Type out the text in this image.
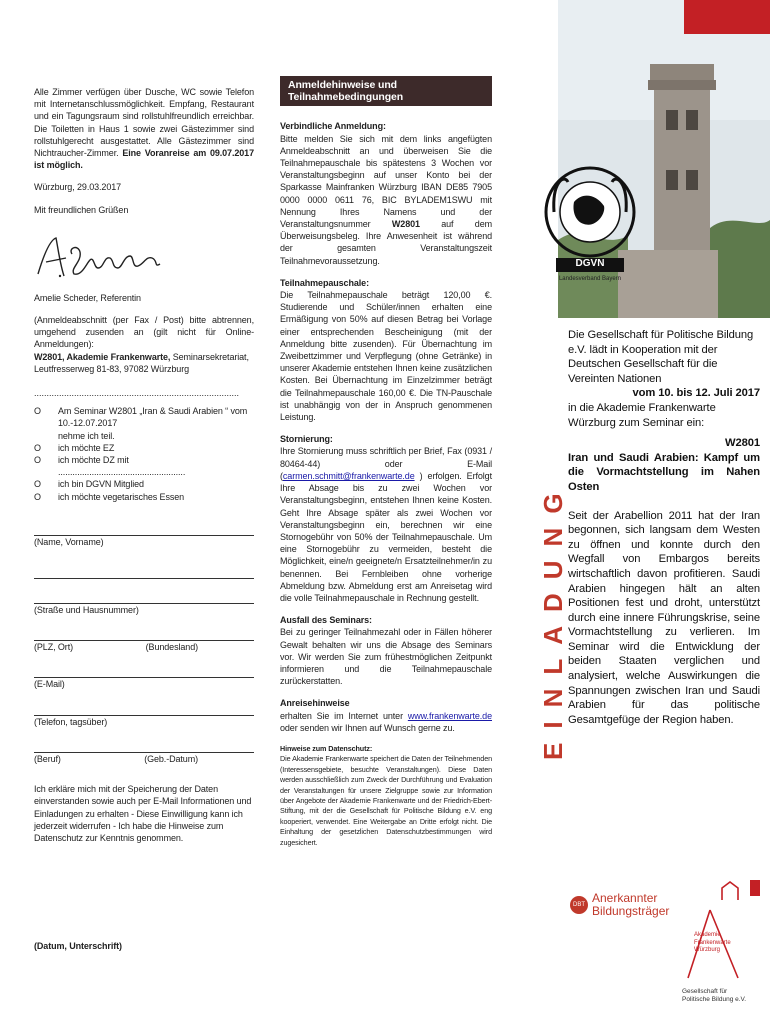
Alle Zimmer verfügen über Dusche, WC sowie Telefon mit Internetanschlussmöglichkeit. Empfang, Restaurant und ein Tagungsraum sind rollstuhlfreundlich erreichbar. Die Toiletten in Haus 1 sowie zwei Gästezimmer sind rollstuhlgerecht ausgestattet. Alle Gästezimmer sind Nichtraucher-Zimmer. Eine Voranreise am 09.07.2017 ist möglich.

Würzburg, 29.03.2017

Mit freundlichen Grüßen

Amelie Scheder, Referentin

(Anmeldeabschnitt (per Fax / Post) bitte abtrennen, umgehend zusenden an (gilt nicht für Online-Anmeldungen):

W2801, Akademie Frankenwarte, Seminarsekretariat, Leutfresserweg 81-83, 97082 Würzburg

..................................................................................
O Am Seminar W2801 „Iran & Saudi Arabien “ vom 10.-12.07.2017
nehme ich teil.
O ich möchte EZ
O ich möchte DZ mit .....................................................
O ich bin DGVN Mitglied
O ich möchte vegetarisches Essen
(Name, Vorname)
(Straße und Hausnummer)
(PLZ, Ort)	(Bundesland)
(E-Mail)
(Telefon, tagsüber)
(Beruf)	(Geb.-Datum)

Ich erkläre mich mit der Speicherung der Daten einverstanden sowie auch per E-Mail Informationen und Einladungen zu erhalten - Diese Einwilligung kann ich jederzeit widerrufen - Ich habe die Hinweise zum Datenschutz zur Kenntnis genommen.

(Datum, Unterschrift)
Anmeldehinweise und Teilnahmebedingungen
Verbindliche Anmeldung:

Bitte melden Sie sich mit dem links angefügten Anmeldeabschnitt an und überweisen Sie die Teilnahmepauschale bis spätestens 3 Wochen vor Veranstaltungsbeginn auf unser Konto bei der Sparkasse Mainfranken Würzburg IBAN DE85 7905 0000 0000 0611 76, BIC BYLADEM1SWU mit Nennung Ihres Namens und der Veranstaltungsnummer W2801 auf dem Überweisungsbeleg. Ihre Anwesenheit ist während der gesamten Veranstaltungszeit Teilnahmevoraussetzung.

Teilnahmepauschale:

Die Teilnahmepauschale beträgt 120,00 €. Studierende und Schüler/innen erhalten eine Ermäßigung von 50% auf diesen Betrag bei Vorlage einer entsprechenden Bescheinigung (mit der Anmeldung bitte zusenden). Für Übernachtung im Zweibettzimmer und Verpflegung (ohne Getränke) in unserer Akademie entstehen Ihnen keine zusätzlichen Kosten. Bei Übernachtung im Einzelzimmer beträgt die Teilnahmepauschale 160,00 €. Die TN-Pauschale ist unabhängig von der in Anspruch genommenen Leistung.

Stornierung:

Ihre Stornierung muss schriftlich per Brief, Fax (0931 / 80464-44) oder E-Mail (carmen.schmitt@frankenwarte.de ) erfolgen. Erfolgt Ihre Absage bis zu zwei Wochen vor Veranstaltungsbeginn, entstehen Ihnen keine Kosten. Geht Ihre Absage später als zwei Wochen vor Veranstaltungsbeginn ein, berechnen wir eine Stornogebühr von 50% der Teilnahmepauschale. Um eine Stornogebühr zu vermeiden, besteht die Möglichkeit, eine/n geeignete/n Ersatzteilnehmer/in zu benennen. Bei Fernbleiben ohne vorherige Abmeldung bzw. Abmeldung erst am Anreisetag wird die volle Teilnahmepauschale in Rechnung gestellt.

Ausfall des Seminars:

Bei zu geringer Teilnahmezahl oder in Fällen höherer Gewalt behalten wir uns die Absage des Seminars vor. Wir werden Sie zum frühestmöglichen Zeitpunkt informieren und die Teilnahmepauschale zurückerstatten.

Anreisehinweise

erhalten Sie im Internet unter www.frankenwarte.de oder senden wir Ihnen auf Wunsch gerne zu.

Hinweise zum Datenschutz:

Die Akademie Frankenwarte speichert die Daten der Teilnehmenden (Interessensgebiete, besuchte Veranstaltungen). Diese Daten werden ausschließlich zum Zweck der Durchführung und Evaluation der Veranstaltungen für unsere Zielgruppe sowie zur Information über Angebote der Akademie Frankenwarte und der Friedrich-Ebert-Stiftung, mit der die Gesellschaft für Politische Bildung e.V. eng kooperiert, verwendet. Eine Weitergabe an Dritte erfolgt nicht. Die Einhaltung der gesetzlichen Datenschutzbestimmungen wird zugesichert.

DBT Anerkannter
Bildungsträger
EINLADUNG
DGVN
Landesverband Bayern
Die Gesellschaft für Politische Bildung e.V. lädt in Kooperation mit der Deutschen Gesellschaft für die Vereinten Nationen
vom 10. bis 12. Juli 2017
in die Akademie Frankenwarte Würzburg zum Seminar ein:
W2801
Iran und Saudi Arabien: Kampf um die Vormachtstellung im Nahen Osten
Seit der Arabellion 2011 hat der Iran begonnen, sich langsam dem Westen zu öffnen und konnte durch den Wegfall von Embargos bereits wirtschaftlich davon profitieren. Saudi Arabien hingegen hält an alten Positionen fest und droht, unterstützt durch eine innere Führungskrise, seine Vormachtstellung zu verlieren. Im Seminar wird die Entwicklung der beiden Staaten verglichen und analysiert, welche Auswirkungen die Spannungen zwischen Iran und Saudi Arabien für das politische Gesamtgefüge der Region haben.
Akademie
Frankenwarte
Würzburg
Gesellschaft für
Politische Bildung e.V.
